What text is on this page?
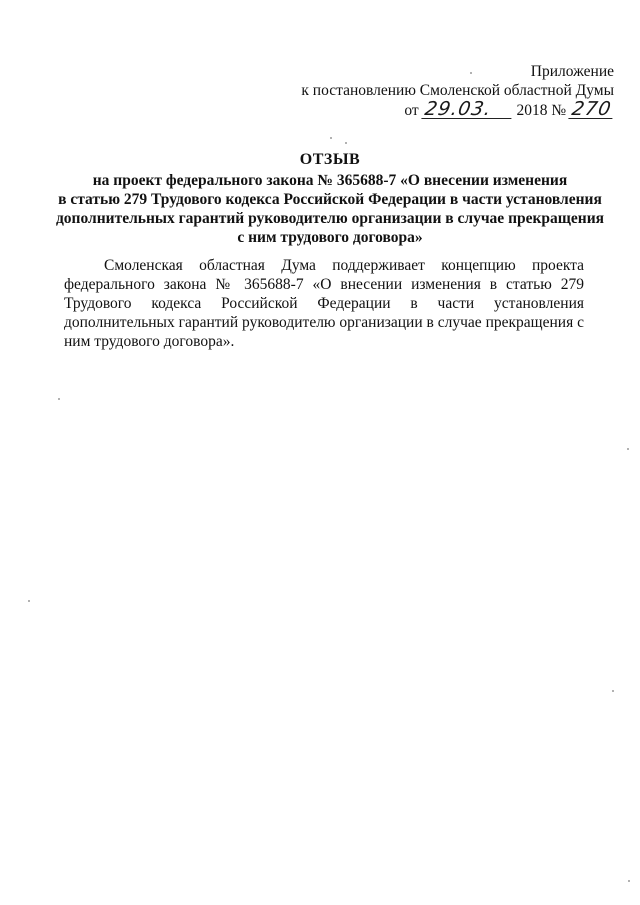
Приложение
к постановлению Смоленской областной Думы
от 29.03. 2018 № 270
ОТЗЫВ
на проект федерального закона № 365688-7 «О внесении изменения
в статью 279 Трудового кодекса Российской Федерации в части установления
дополнительных гарантий руководителю организации в случае прекращения
с ним трудового договора»
Смоленская областная Дума поддерживает концепцию проекта федерального закона № 365688-7 «О внесении изменения в статью 279 Трудового кодекса Российской Федерации в части установления дополнительных гарантий руководителю организации в случае прекращения с ним трудового договора».
